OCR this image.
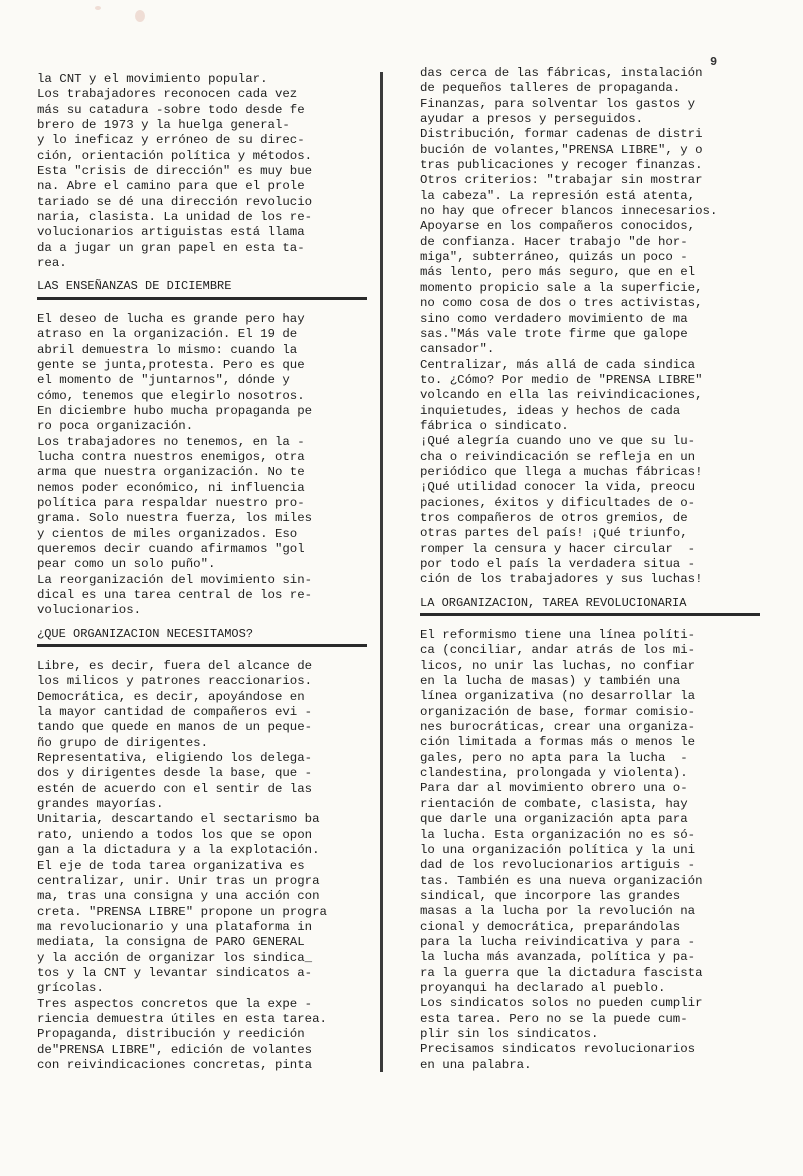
9
la CNT y el movimiento popular.
Los trabajadores reconocen cada vez
más su catadura -sobre todo desde fe
brero de 1973 y la huelga general-
y lo ineficaz y erróneo de su direc-
ción, orientación política y métodos.
Esta "crisis de dirección" es muy bue
na. Abre el camino para que el prole
tariado se dé una dirección revolucio
naria, clasista. La unidad de los re-
volucionarios artiguistas está llama
da a jugar un gran papel en esta ta-
rea.
LAS ENSEÑANZAS DE DICIEMBRE
El deseo de lucha es grande pero hay
atraso en la organización. El 19 de
abril demuestra lo mismo: cuando la
gente se junta,protesta. Pero es que
el momento de "juntarnos", dónde y
cómo, tenemos que elegirlo nosotros.
En diciembre hubo mucha propaganda pe
ro poca organización.
Los trabajadores no tenemos, en la -
lucha contra nuestros enemigos, otra
arma que nuestra organización. No te
nemos poder económico, ni influencia
política para respaldar nuestro pro-
grama. Solo nuestra fuerza, los miles
y cientos de miles organizados. Eso
queremos decir cuando afirmamos "gol
pear como un solo puño".
La reorganización del movimiento sin-
dical es una tarea central de los re-
volucionarios.
¿QUE ORGANIZACION NECESITAMOS?
Libre, es decir, fuera del alcance de
los milicos y patrones reaccionarios.
Democrática, es decir, apoyándose en
la mayor cantidad de compañeros evi -
tando que quede en manos de un peque-
ño grupo de dirigentes.
Representativa, eligiendo los delega-
dos y dirigentes desde la base, que -
estén de acuerdo con el sentir de las
grandes mayorías.
Unitaria, descartando el sectarismo ba
rato, uniendo a todos los que se opon
gan a la dictadura y a la explotación.
El eje de toda tarea organizativa es
centralizar, unir. Unir tras un progra
ma, tras una consigna y una acción con
creta. "PRENSA LIBRE" propone un progra
ma revolucionario y una plataforma in
mediata, la consigna de PARO GENERAL
y la acción de organizar los sindica_
tos y la CNT y levantar sindicatos a-
grícolas.
Tres aspectos concretos que la expe -
riencia demuestra útiles en esta tarea.
Propaganda, distribución y reedición
de"PRENSA LIBRE", edición de volantes
con reivindicaciones concretas, pinta
das cerca de las fábricas, instalación
de pequeños talleres de propaganda.
Finanzas, para solventar los gastos y
ayudar a presos y perseguidos.
Distribución, formar cadenas de distri
bución de volantes,"PRENSA LIBRE", y o
tras publicaciones y recoger finanzas.
Otros criterios: "trabajar sin mostrar
la cabeza". La represión está atenta,
no hay que ofrecer blancos innecesarios.
Apoyarse en los compañeros conocidos,
de confianza. Hacer trabajo "de hor-
miga", subterráneo, quizás un poco -
más lento, pero más seguro, que en el
momento propicio sale a la superficie,
no como cosa de dos o tres activistas,
sino como verdadero movimiento de ma
sas."Más vale trote firme que galope
cansador".
Centralizar, más allá de cada sindica
to. ¿Cómo? Por medio de "PRENSA LIBRE"
volcando en ella las reivindicaciones,
inquietudes, ideas y hechos de cada
fábrica o sindicato.
¡Qué alegría cuando uno ve que su lu-
cha o reivindicación se refleja en un
periódico que llega a muchas fábricas!
¡Qué utilidad conocer la vida, preocu
paciones, éxitos y dificultades de o-
tros compañeros de otros gremios, de
otras partes del país! ¡Qué triunfo,
romper la censura y hacer circular  -
por todo el país la verdadera situa -
ción de los trabajadores y sus luchas!
LA ORGANIZACION, TAREA REVOLUCIONARIA
El reformismo tiene una línea políti-
ca (conciliar, andar atrás de los mi-
licos, no unir las luchas, no confiar
en la lucha de masas) y también una
línea organizativa (no desarrollar la
organización de base, formar comisio-
nes burocráticas, crear una organiza-
ción limitada a formas más o menos le
gales, pero no apta para la lucha  -
clandestina, prolongada y violenta).
Para dar al movimiento obrero una o-
rientación de combate, clasista, hay
que darle una organización apta para
la lucha. Esta organización no es só-
lo una organización política y la uni
dad de los revolucionarios artiguis -
tas. También es una nueva organización
sindical, que incorpore las grandes
masas a la lucha por la revolución na
cional y democrática, preparándolas
para la lucha reivindicativa y para -
la lucha más avanzada, política y pa-
ra la guerra que la dictadura fascista
proyanqui ha declarado al pueblo.
Los sindicatos solos no pueden cumplir
esta tarea. Pero no se la puede cum-
plir sin los sindicatos.
Precisamos sindicatos revolucionarios
en una palabra.
